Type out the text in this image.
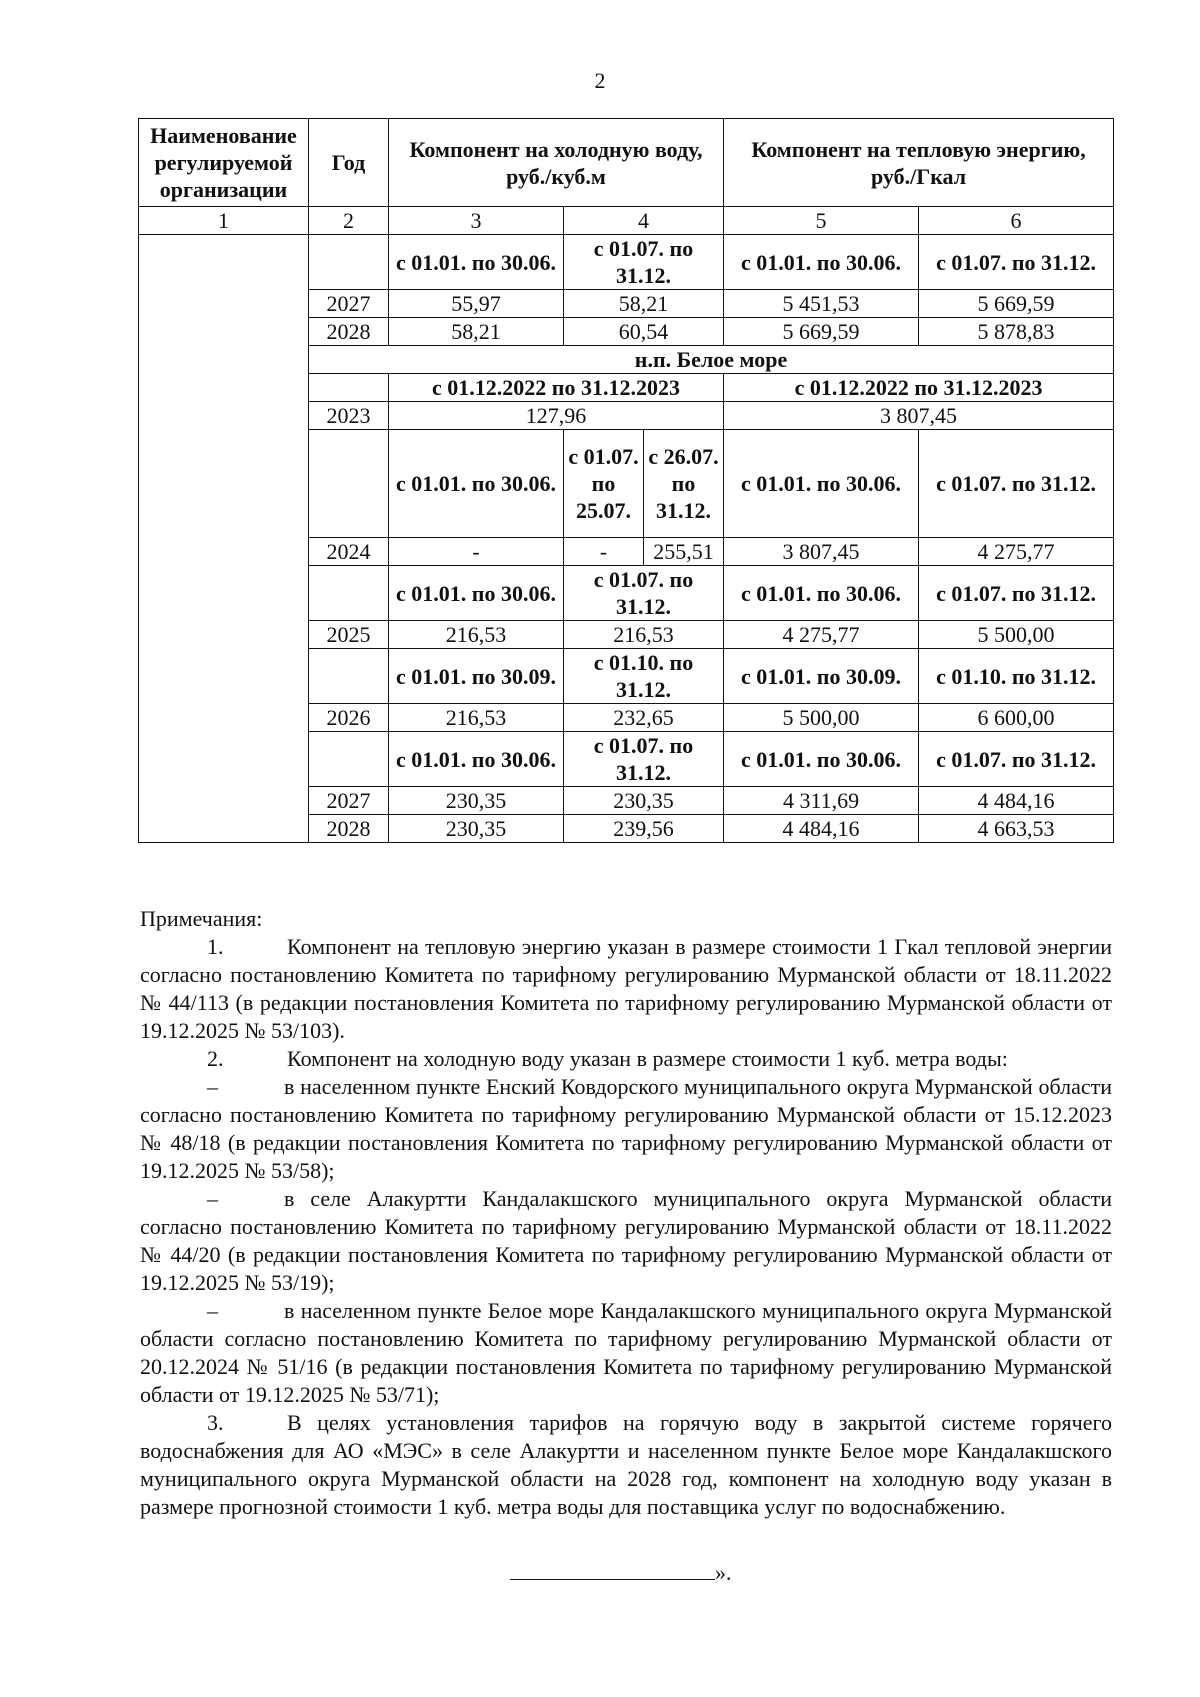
2
Наименование регулируемой организации	Год	Компонент на холодную воду, руб./куб.м			Компонент на тепловую энергию, руб./Гкал	
1	2	3	4		5	6
		с 01.01. по 30.06.	с 01.07. по 31.12.		с 01.01. по 30.06.	с 01.07. по 31.12.
	2027	55,97	58,21		5 451,53	5 669,59
	2028	58,21	60,54		5 669,59	5 878,83
	н.п. Белое море					
		с 01.12.2022 по 31.12.2023			с 01.12.2022 по 31.12.2023	
	2023	127,96			3 807,45	
		с 01.01. по 30.06.	с 01.07. по 25.07.	с 26.07. по 31.12.	с 01.01. по 30.06.	с 01.07. по 31.12.
	2024	-	-	255,51	3 807,45	4 275,77
		с 01.01. по 30.06.	с 01.07. по 31.12.		с 01.01. по 30.06.	с 01.07. по 31.12.
	2025	216,53	216,53		4 275,77	5 500,00
		с 01.01. по 30.09.	с 01.10. по 31.12.		с 01.01. по 30.09.	с 01.10. по 31.12.
	2026	216,53	232,65		5 500,00	6 600,00
		с 01.01. по 30.06.	с 01.07. по 31.12.		с 01.01. по 30.06.	с 01.07. по 31.12.
	2027	230,35	230,35		4 311,69	4 484,16
	2028	230,35	239,56		4 484,16	4 663,53

Примечания:

1.	Компонент на тепловую энергию указан в размере стоимости 1 Гкал тепловой энергии согласно постановлению Комитета по тарифному регулированию Мурманской области от 18.11.2022 № 44/113 (в редакции постановления Комитета по тарифному регулированию Мурманской области от 19.12.2025 № 53/103).

2.	Компонент на холодную воду указан в размере стоимости 1 куб. метра воды:

–	в населенном пункте Енский Ковдорского муниципального округа Мурманской области согласно постановлению Комитета по тарифному регулированию Мурманской области от 15.12.2023 № 48/18 (в редакции постановления Комитета по тарифному регулированию Мурманской области от 19.12.2025 № 53/58);

–	в селе Алакуртти Кандалакшского муниципального округа Мурманской области согласно постановлению Комитета по тарифному регулированию Мурманской области от 18.11.2022 № 44/20 (в редакции постановления Комитета по тарифному регулированию Мурманской области от 19.12.2025 № 53/19);

–	в населенном пункте Белое море Кандалакшского муниципального округа Мурманской области согласно постановлению Комитета по тарифному регулированию Мурманской области от 20.12.2024 № 51/16 (в редакции постановления Комитета по тарифному регулированию Мурманской области от 19.12.2025 № 53/71);

3.	В целях установления тарифов на горячую воду в закрытой системе горячего водоснабжения для АО «МЭС» в селе Алакуртти и населенном пункте Белое море Кандалакшского муниципального округа Мурманской области на 2028 год, компонент на холодную воду указан в размере прогнозной стоимости 1 куб. метра воды для поставщика услуг по водоснабжению.

».
